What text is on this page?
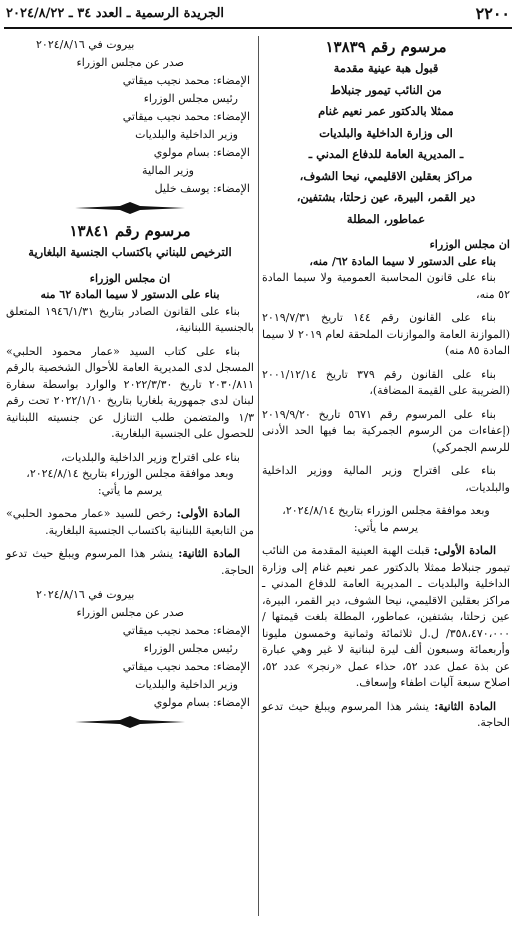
٢٢٠٠
الجريدة الرسمية ـ العدد ٣٤ ـ ٢٠٢٤/٨/٢٢

مرسوم رقم ١٣٨٣٩

قبول هبة عينية مقدمة

من النائب تيمور جنبلاط

ممثلا بالدكتور عمر نعيم غنام

الى وزارة الداخلية والبلديات

ـ المديرية العامة للدفاع المدني ـ

مراكز بعقلين الاقليمي، نيحا الشوف،

دير القمر، البيرة، عين زحلتا، بشتفين،

عماطور، المطلة

ان مجلس الوزراء

بناء على الدستور لا سيما المادة ٦٢/ منه،

بناء على قانون المحاسبة العمومية ولا سيما المادة ٥٢ منه،

بناء على القانون رقم ١٤٤ تاريخ ٢٠١٩/٧/٣١ (الموازنة العامة والموازنات الملحقة لعام ٢٠١٩ لا سيما المادة ٨٥ منه)

بناء على القانون رقم ٣٧٩ تاريخ ٢٠٠١/١٢/١٤ (الضريبة على القيمة المضافة)،

بناء على المرسوم رقم ٥٦٧١ تاريخ ٢٠١٩/٩/٢٠ (إعفاءات من الرسوم الجمركية بما فيها الحد الأدنى للرسم الجمركي)

بناء على اقتراح وزير المالية ووزير الداخلية والبلديات،

وبعد موافقة مجلس الوزراء بتاريخ ٢٠٢٤/٨/١٤،

يرسم ما يأتي:

المادة الأولى: قبلت الهبة العينية المقدمة من النائب تيمور جنبلاط ممثلا بالدكتور عمر نعيم غنام إلى وزارة الداخلية والبلديات ـ المديرية العامة للدفاع المدني ـ مراكز بعقلين الاقليمي، نيحا الشوف، دير القمر، البيرة، عين زحلتا، بشتفين، عماطور، المطلة بلغت قيمتها /٣٥٨،٤٧٠،٠٠٠/ ل.ل ثلاثمائة وثمانية وخمسون مليونا وأربعمائة وسبعون ألف ليرة لبنانية لا غير وهي عبارة عن بذة عمل عدد ٥٢، حذاء عمل «رنجر» عدد ٥٢، اصلاح سبعة آليات اطفاء وإسعاف.

المادة الثانية: ينشر هذا المرسوم ويبلغ حيث تدعو الحاجة.

بيروت في ٢٠٢٤/٨/١٦

صدر عن مجلس الوزراء

الإمضاء: محمد نجيب ميقاتي

رئيس مجلس الوزراء

الإمضاء: محمد نجيب ميقاتي

وزير الداخلية والبلديات

الإمضاء: بسام مولوي

وزير المالية

الإمضاء: يوسف خليل

مرسوم رقم ١٣٨٤١

الترخيص للبناني باكتساب الجنسية البلغارية

ان مجلس الوزراء

بناء على الدستور لا سيما المادة ٦٢ منه

بناء على القانون الصادر بتاريخ ١٩٤٦/١/٣١ المتعلق بالجنسية اللبنانية،

بناء على كتاب السيد «عمار محمود الحلبي» المسجل لدى المديرية العامة للأحوال الشخصية بالرقم ٢٠٣٠/٨١١ تاريخ ٢٠٢٢/٣/٣٠ والوارد بواسطة سفارة لبنان لدى جمهورية بلغاريا بتاريخ ٢٠٢٢/١/١٠ تحت رقم ١/٣ والمتضمن طلب التنازل عن جنسيته اللبنانية للحصول على الجنسية البلغارية.

بناء على اقتراح وزير الداخلية والبلديات،

وبعد موافقة مجلس الوزراء بتاريخ ٢٠٢٤/٨/١٤،

يرسم ما يأتي:

المادة الأولى: رخص للسيد «عمار محمود الحلبي» من التابعية اللبنانية باكتساب الجنسية البلغارية.

المادة الثانية: ينشر هذا المرسوم ويبلغ حيث تدعو الحاجة.

بيروت في ٢٠٢٤/٨/١٦

صدر عن مجلس الوزراء

الإمضاء: محمد نجيب ميقاتي

رئيس مجلس الوزراء

الإمضاء: محمد نجيب ميقاتي

وزير الداخلية والبلديات

الإمضاء: بسام مولوي
